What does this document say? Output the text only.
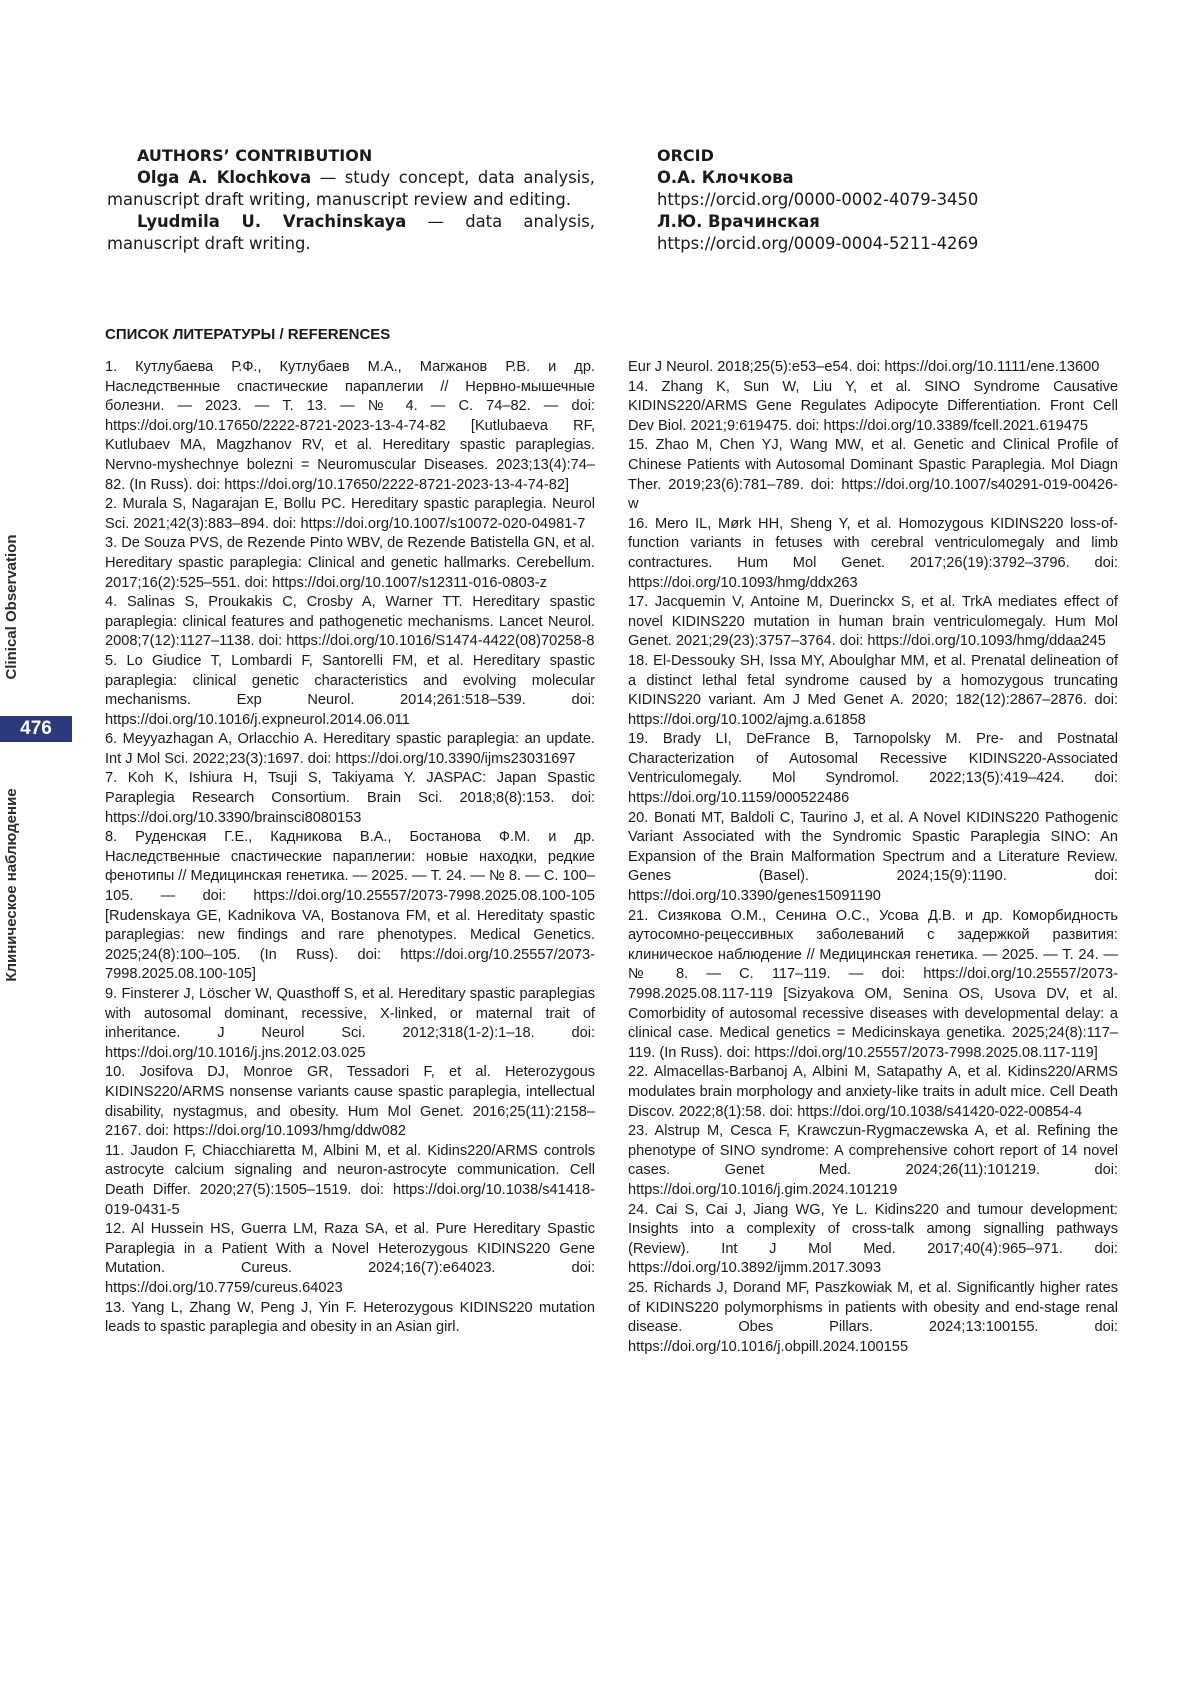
Clinical Observation
476
Клиническое наблюдение
AUTHORS’ CONTRIBUTION

Olga A. Klochkova — study concept, data analysis, manuscript draft writing, manuscript review and editing.

Lyudmila U. Vrachinskaya — data analysis, manuscript draft writing.

ORCID
О.А. Клочкова
https://orcid.org/0000-0002-4079-3450
Л.Ю. Врачинская
https://orcid.org/0009-0004-5211-4269
СПИСОК ЛИТЕРАТУРЫ / REFERENCES

1. Кутлубаева Р.Ф., Кутлубаев М.А., Магжанов Р.В. и др. Наследственные спастические параплегии // Нервно-мышечные болезни. — 2023. — Т. 13. — № 4. — С. 74–82. — doi: https://doi.org/10.17650/2222-8721-2023-13-4-74-82 [Kutlubaeva RF, Kutlubaev MA, Magzhanov RV, et al. Hereditary spastic paraplegias. Nervno-myshechnye bolezni = Neuromuscular Diseases. 2023;13(4):74–82. (In Russ). doi: https://doi.org/10.17650/2222-8721-2023-13-4-74-82]

2. Murala S, Nagarajan E, Bollu PC. Hereditary spastic paraplegia. Neurol Sci. 2021;42(3):883–894. doi: https://doi.org/10.1007/s10072-020-04981-7

3. De Souza PVS, de Rezende Pinto WBV, de Rezende Batistella GN, et al. Hereditary spastic paraplegia: Clinical and genetic hallmarks. Cerebellum. 2017;16(2):525–551. doi: https://doi.org/10.1007/s12311-016-0803-z

4. Salinas S, Proukakis C, Crosby A, Warner TT. Hereditary spastic paraplegia: clinical features and pathogenetic mechanisms. Lancet Neurol. 2008;7(12):1127–1138. doi: https://doi.org/10.1016/S1474-4422(08)70258-8

5. Lo Giudice T, Lombardi F, Santorelli FM, et al. Hereditary spastic paraplegia: clinical genetic characteristics and evolving molecular mechanisms. Exp Neurol. 2014;261:518–539. doi: https://doi.org/10.1016/j.expneurol.2014.06.011

6. Meyyazhagan A, Orlacchio A. Hereditary spastic paraplegia: an update. Int J Mol Sci. 2022;23(3):1697. doi: https://doi.org/10.3390/ijms23031697

7. Koh K, Ishiura H, Tsuji S, Takiyama Y. JASPAC: Japan Spastic Paraplegia Research Consortium. Brain Sci. 2018;8(8):153. doi: https://doi.org/10.3390/brainsci8080153

8. Руденская Г.Е., Кадникова В.А., Бостанова Ф.М. и др. Наследственные спастические параплегии: новые находки, редкие фенотипы // Медицинская генетика. — 2025. — Т. 24. — № 8. — С. 100–105. — doi: https://doi.org/10.25557/2073-7998.2025.08.100-105 [Rudenskaya GE, Kadnikova VA, Bostanova FM, et al. Hereditaty spastic paraplegias: new findings and rare phenotypes. Medical Genetics. 2025;24(8):100–105. (In Russ). doi: https://doi.org/10.25557/2073-7998.2025.08.100-105]

9. Finsterer J, Löscher W, Quasthoff S, et al. Hereditary spastic paraplegias with autosomal dominant, recessive, X-linked, or maternal trait of inheritance. J Neurol Sci. 2012;318(1-2):1–18. doi: https://doi.org/10.1016/j.jns.2012.03.025

10. Josifova DJ, Monroe GR, Tessadori F, et al. Heterozygous KIDINS220/ARMS nonsense variants cause spastic paraplegia, intellectual disability, nystagmus, and obesity. Hum Mol Genet. 2016;25(11):2158–2167. doi: https://doi.org/10.1093/hmg/ddw082

11. Jaudon F, Chiacchiaretta M, Albini M, et al. Kidins220/ARMS controls astrocyte calcium signaling and neuron-astrocyte communication. Cell Death Differ. 2020;27(5):1505–1519. doi: https://doi.org/10.1038/s41418-019-0431-5

12. Al Hussein HS, Guerra LM, Raza SA, et al. Pure Hereditary Spastic Paraplegia in a Patient With a Novel Heterozygous KIDINS220 Gene Mutation. Cureus. 2024;16(7):e64023. doi: https://doi.org/10.7759/cureus.64023

13. Yang L, Zhang W, Peng J, Yin F. Heterozygous KIDINS220 mutation leads to spastic paraplegia and obesity in an Asian girl.

Eur J Neurol. 2018;25(5):e53–e54. doi: https://doi.org/10.1111/ene.13600

14. Zhang K, Sun W, Liu Y, et al. SINO Syndrome Causative KIDINS220/ARMS Gene Regulates Adipocyte Differentiation. Front Cell Dev Biol. 2021;9:619475. doi: https://doi.org/10.3389/fcell.2021.619475

15. Zhao M, Chen YJ, Wang MW, et al. Genetic and Clinical Profile of Chinese Patients with Autosomal Dominant Spastic Paraplegia. Mol Diagn Ther. 2019;23(6):781–789. doi: https://doi.org/10.1007/s40291-019-00426-w

16. Mero IL, Mørk HH, Sheng Y, et al. Homozygous KIDINS220 loss-of-function variants in fetuses with cerebral ventriculomegaly and limb contractures. Hum Mol Genet. 2017;26(19):3792–3796. doi: https://doi.org/10.1093/hmg/ddx263

17. Jacquemin V, Antoine M, Duerinckx S, et al. TrkA mediates effect of novel KIDINS220 mutation in human brain ventriculomegaly. Hum Mol Genet. 2021;29(23):3757–3764. doi: https://doi.org/10.1093/hmg/ddaa245

18. El-Dessouky SH, Issa MY, Aboulghar MM, et al. Prenatal delineation of a distinct lethal fetal syndrome caused by a homozygous truncating KIDINS220 variant. Am J Med Genet A. 2020; 182(12):2867–2876. doi: https://doi.org/10.1002/ajmg.a.61858

19. Brady LI, DeFrance B, Tarnopolsky M. Pre- and Postnatal Characterization of Autosomal Recessive KIDINS220-Associated Ventriculomegaly. Mol Syndromol. 2022;13(5):419–424. doi: https://doi.org/10.1159/000522486

20. Bonati MT, Baldoli C, Taurino J, et al. A Novel KIDINS220 Pathogenic Variant Associated with the Syndromic Spastic Paraplegia SINO: An Expansion of the Brain Malformation Spectrum and a Literature Review. Genes (Basel). 2024;15(9):1190. doi: https://doi.org/10.3390/genes15091190

21. Сизякова О.М., Сенина О.С., Усова Д.В. и др. Коморбидность аутосомно-рецессивных заболеваний с задержкой развития: клиническое наблюдение // Медицинская генетика. — 2025. — Т. 24. — № 8. — С. 117–119. — doi: https://doi.org/10.25557/2073-7998.2025.08.117-119 [Sizyakova OM, Senina OS, Usova DV, et al. Comorbidity of autosomal recessive diseases with developmental delay: a clinical case. Medical genetics = Medicinskaya genetika. 2025;24(8):117–119. (In Russ). doi: https://doi.org/10.25557/2073-7998.2025.08.117-119]

22. Almacellas-Barbanoj A, Albini M, Satapathy A, et al. Kidins220/ARMS modulates brain morphology and anxiety-like traits in adult mice. Cell Death Discov. 2022;8(1):58. doi: https://doi.org/10.1038/s41420-022-00854-4

23. Alstrup M, Cesca F, Krawczun-Rygmaczewska A, et al. Refining the phenotype of SINO syndrome: A comprehensive cohort report of 14 novel cases. Genet Med. 2024;26(11):101219. doi: https://doi.org/10.1016/j.gim.2024.101219

24. Cai S, Cai J, Jiang WG, Ye L. Kidins220 and tumour development: Insights into a complexity of cross-talk among signalling pathways (Review). Int J Mol Med. 2017;40(4):965–971. doi: https://doi.org/10.3892/ijmm.2017.3093

25. Richards J, Dorand MF, Paszkowiak M, et al. Significantly higher rates of KIDINS220 polymorphisms in patients with obesity and end-stage renal disease. Obes Pillars. 2024;13:100155. doi: https://doi.org/10.1016/j.obpill.2024.100155
